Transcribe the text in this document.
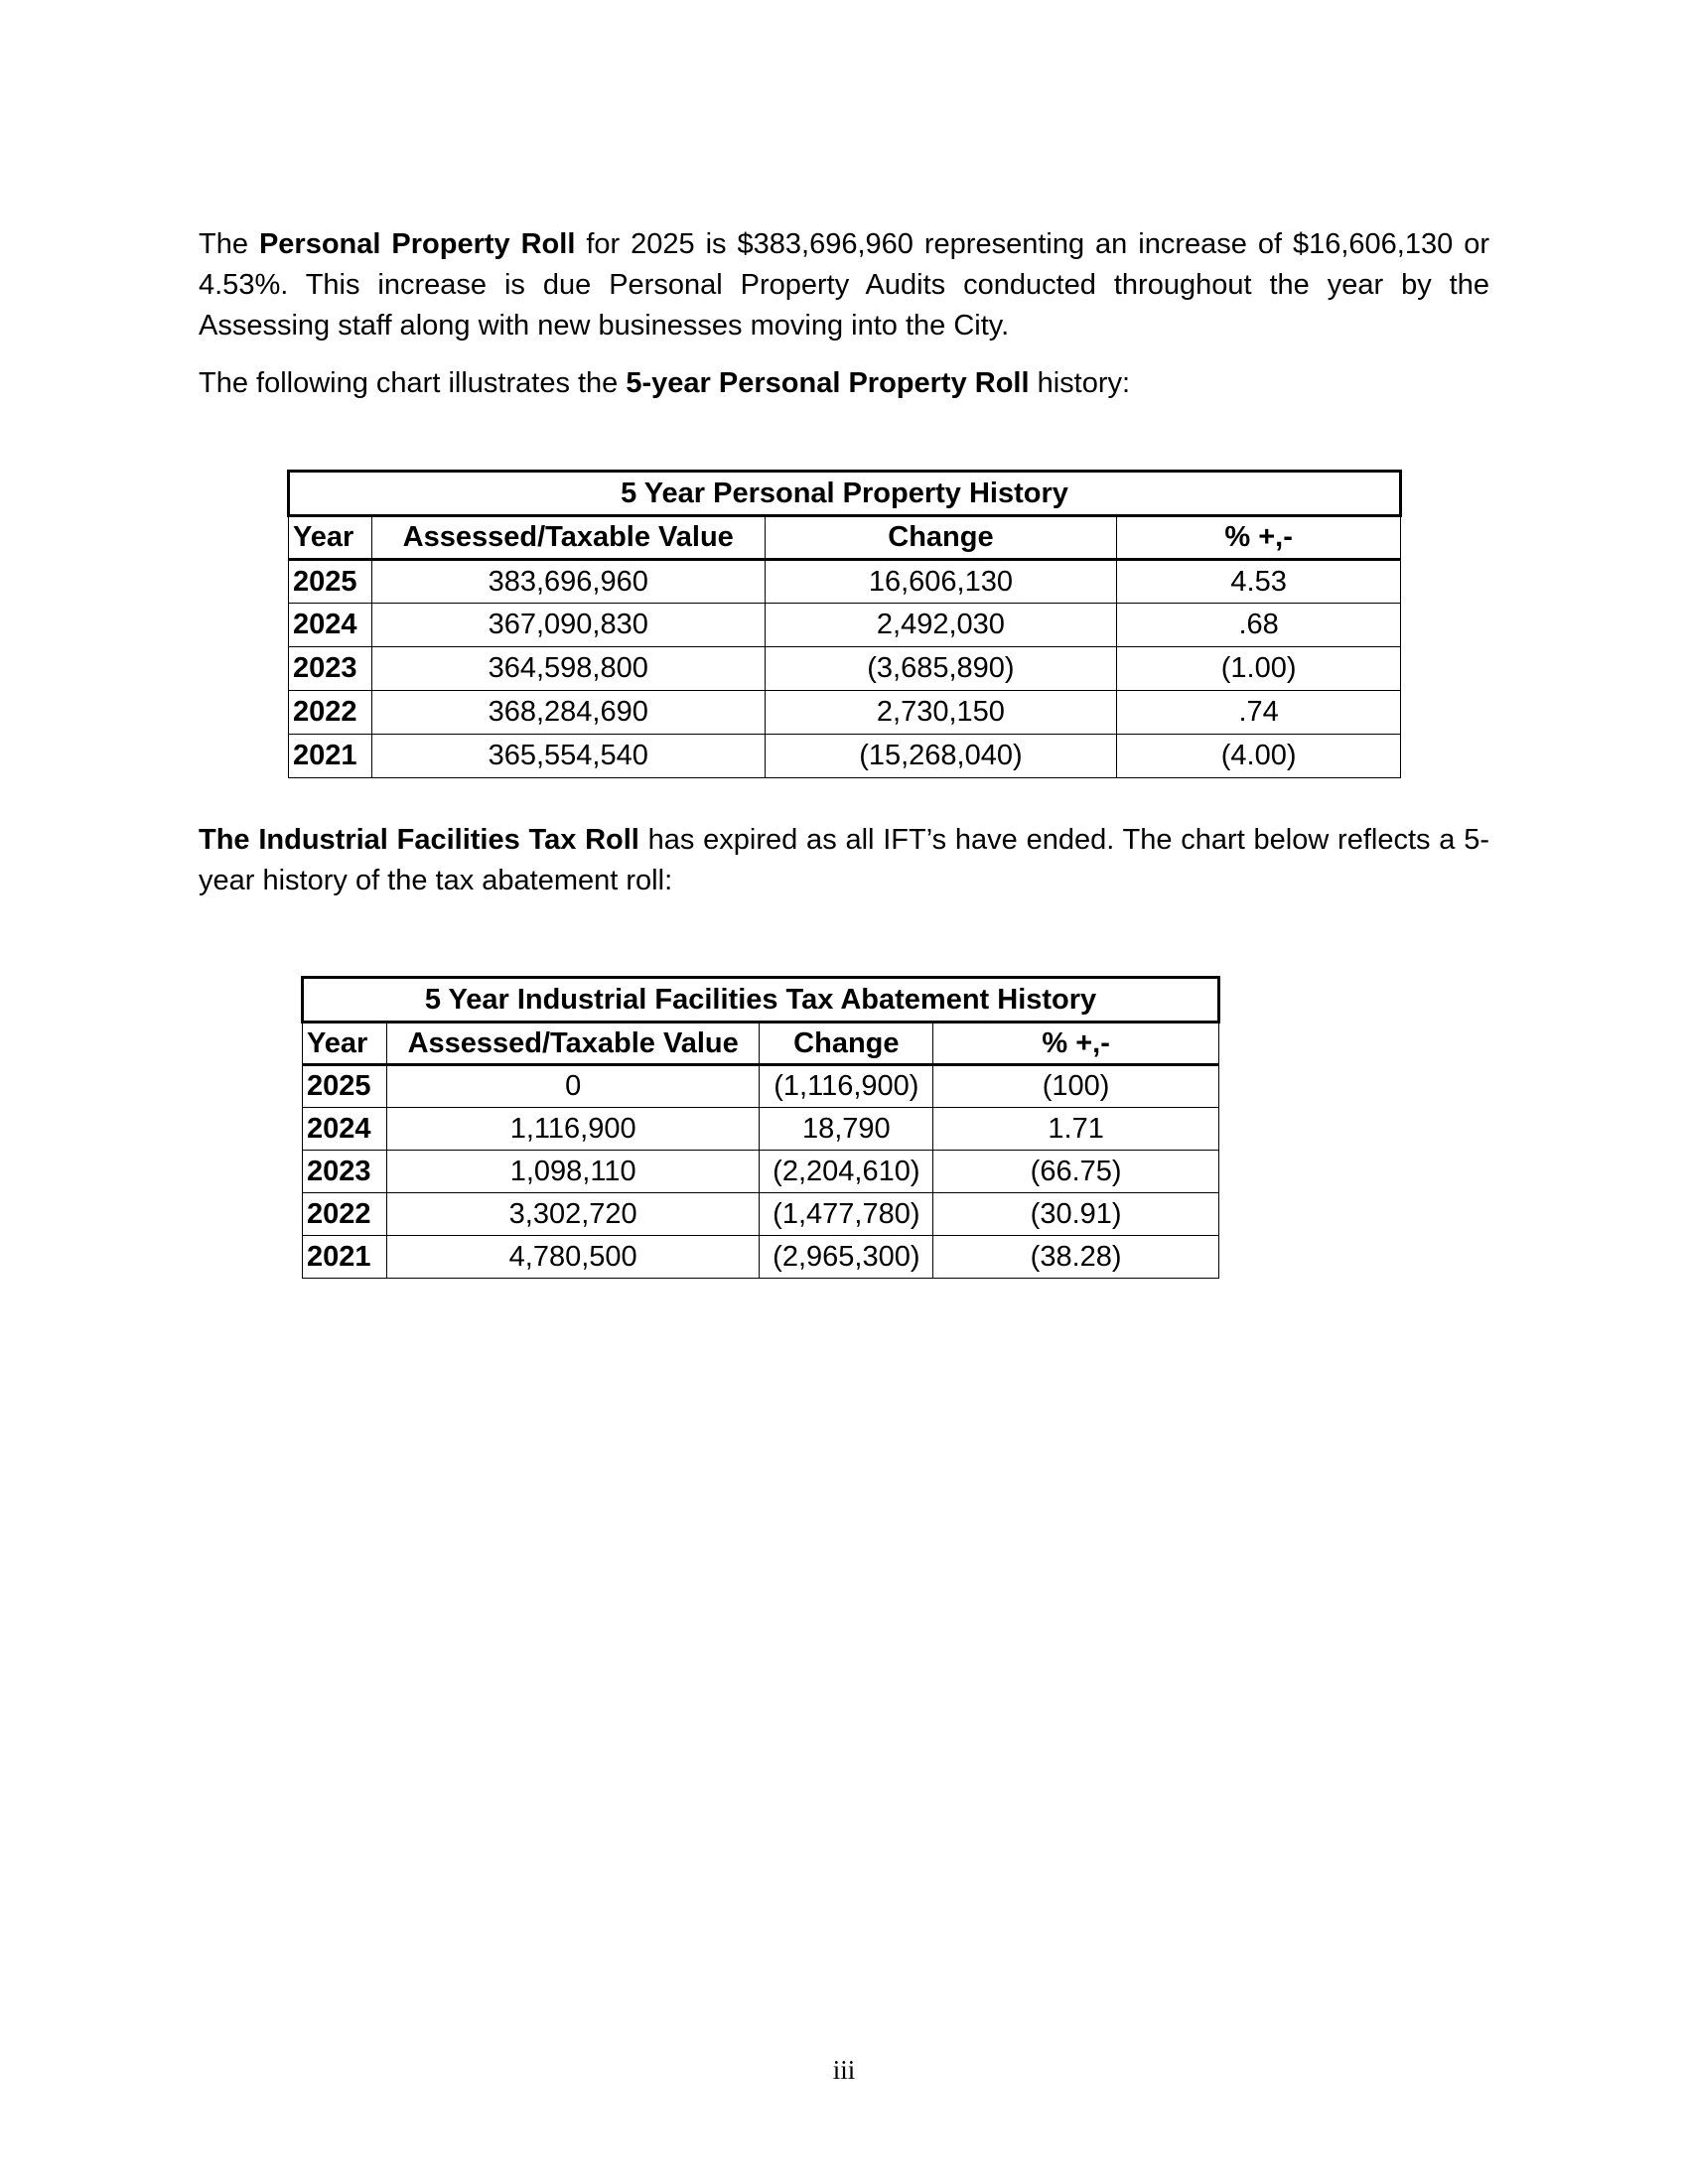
The Personal Property Roll for 2025 is $383,696,960 representing an increase of $16,606,130 or 4.53%. This increase is due Personal Property Audits conducted throughout the year by the Assessing staff along with new businesses moving into the City.

The following chart illustrates the 5-year Personal Property Roll history:

5 Year Personal Property History			
Year	Assessed/Taxable Value	Change	% +,-
2025	383,696,960	16,606,130	4.53
2024	367,090,830	2,492,030	.68
2023	364,598,800	(3,685,890)	(1.00)
2022	368,284,690	2,730,150	.74
2021	365,554,540	(15,268,040)	(4.00)

The Industrial Facilities Tax Roll has expired as all IFT’s have ended. The chart below reflects a 5-year history of the tax abatement roll:

5 Year Industrial Facilities Tax Abatement History			
Year	Assessed/Taxable Value	Change	% +,-
2025	0	(1,116,900)	(100)
2024	1,116,900	18,790	1.71
2023	1,098,110	(2,204,610)	(66.75)
2022	3,302,720	(1,477,780)	(30.91)
2021	4,780,500	(2,965,300)	(38.28)
iii
